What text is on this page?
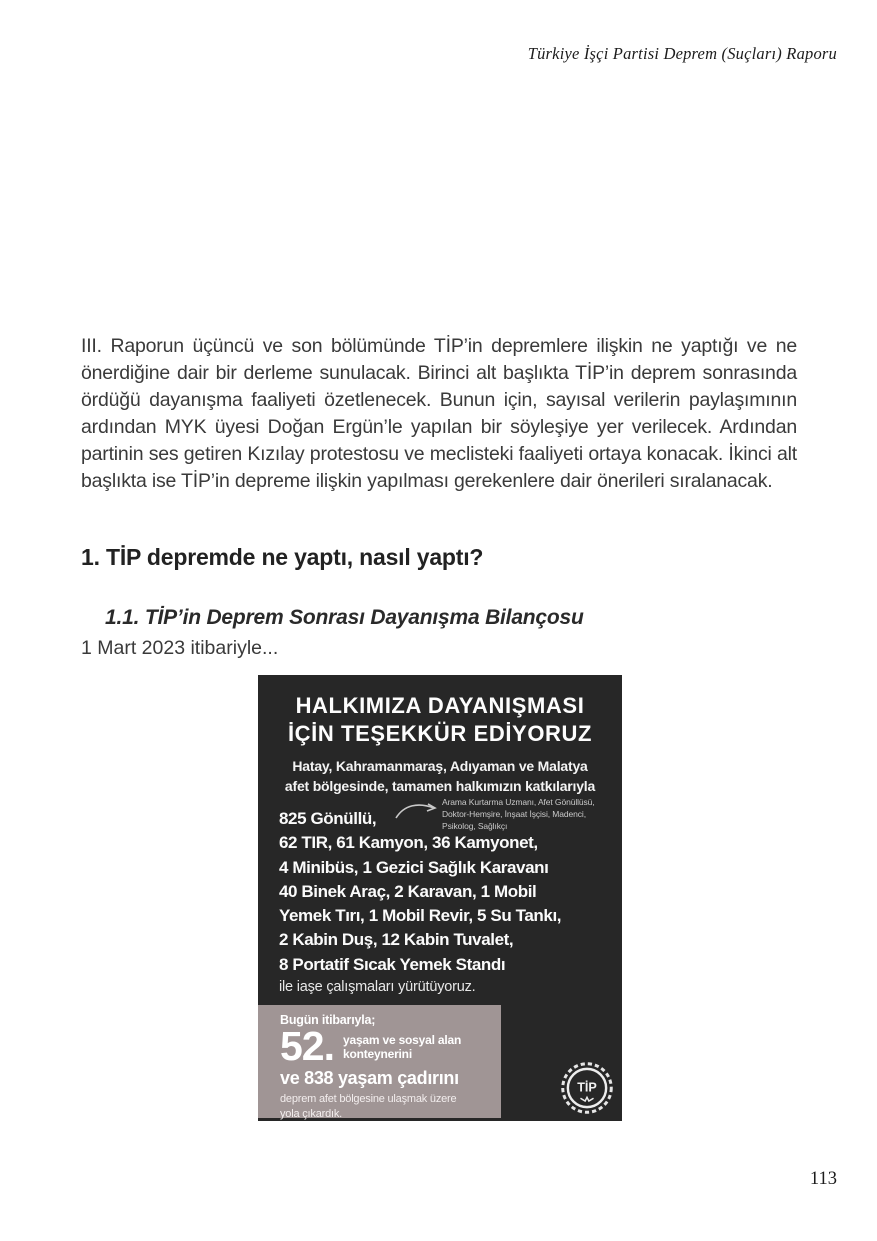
Türkiye İşçi Partisi Deprem (Suçları) Raporu

III. Raporun üçüncü ve son bölümünde TİP’in depremlere ilişkin ne yaptığı ve ne önerdiğine dair bir derleme sunulacak. Birinci alt başlıkta TİP’in deprem sonrasında ördüğü dayanışma faaliyeti özetlenecek. Bunun için, sayısal verilerin paylaşımının ardından MYK üyesi Doğan Ergün’le yapılan bir söyleşiye yer verilecek. Ardından partinin ses getiren Kızılay protestosu ve meclisteki faaliyeti ortaya konacak. İkinci alt başlıkta ise TİP’in depreme ilişkin yapılması gerekenlere dair önerileri sıralanacak.

1. TİP depremde ne yaptı, nasıl yaptı?
1.1. TİP’in Deprem Sonrası Dayanışma Bilançosu
1 Mart 2023 itibariyle...
HALKIMIZA DAYANIŞMASI
İÇİN TEŞEKKÜR EDİYORUZ
Hatay, Kahramanmaraş, Adıyaman ve Malatya
afet bölgesinde, tamamen halkımızın katkılarıyla
Arama Kurtarma Uzmanı, Afet Gönüllüsü, Doktor-Hemşire, İnşaat İşçisi, Madenci, Psikolog, Sağlıkçı
825 Gönüllü,
62 TIR, 61 Kamyon, 36 Kamyonet,
4 Minibüs, 1 Gezici Sağlık Karavanı
40 Binek Araç, 2 Karavan, 1 Mobil
Yemek Tırı, 1 Mobil Revir, 5 Su Tankı,
2 Kabin Duş, 12 Kabin Tuvalet,
8 Portatif Sıcak Yemek Standı
ile iaşe çalışmaları yürütüyoruz.
Bugün itibarıyla;
52. yaşam ve sosyal alan
konteynerini
ve 838 yaşam çadırını
deprem afet bölgesine ulaşmak üzere
yola çıkardık.
TİP
113
